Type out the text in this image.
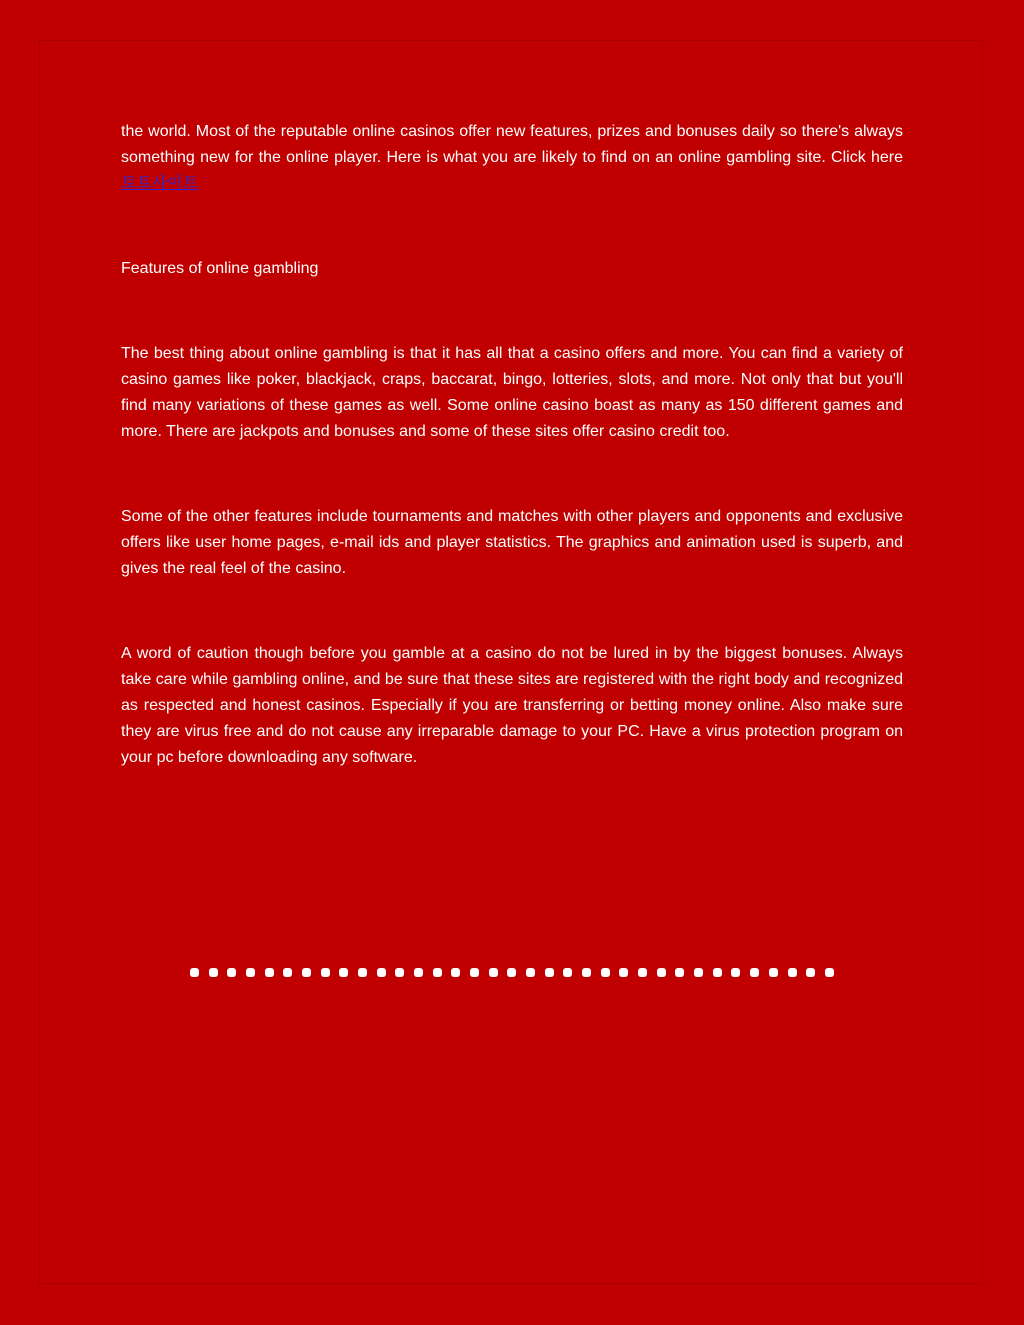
the world. Most of the reputable online casinos offer new features, prizes and bonuses daily so there's always something new for the online player. Here is what you are likely to find on an online gambling site. Click here 토토사이트

Features of online gambling

The best thing about online gambling is that it has all that a casino offers and more. You can find a variety of casino games like poker, blackjack, craps, baccarat, bingo, lotteries, slots, and more. Not only that but you'll find many variations of these games as well. Some online casino boast as many as 150 different games and more. There are jackpots and bonuses and some of these sites offer casino credit too.

Some of the other features include tournaments and matches with other players and opponents and exclusive offers like user home pages, e-mail ids and player statistics. The graphics and animation used is superb, and gives the real feel of the casino.

A word of caution though before you gamble at a casino do not be lured in by the biggest bonuses. Always take care while gambling online, and be sure that these sites are registered with the right body and recognized as respected and honest casinos. Especially if you are transferring or betting money online. Also make sure they are virus free and do not cause any irreparable damage to your PC. Have a virus protection program on your pc before downloading any software.
